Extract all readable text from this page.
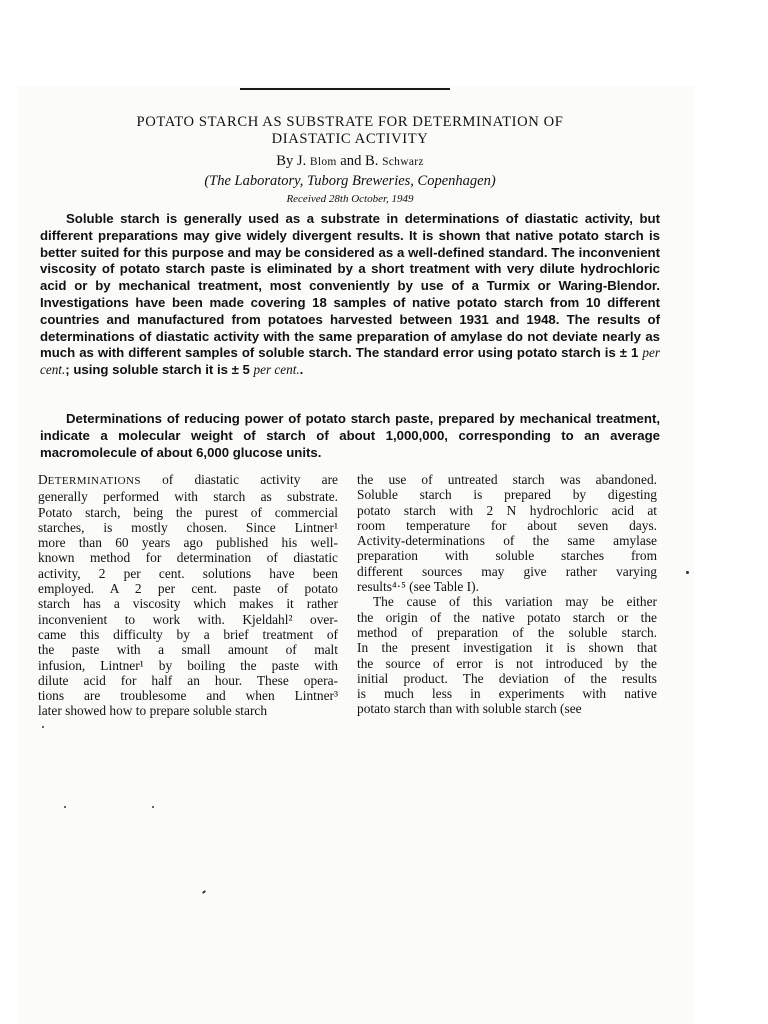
POTATO STARCH AS SUBSTRATE FOR DETERMINATION OF
DIASTATIC ACTIVITY
By J. Blom and B. Schwarz
(The Laboratory, Tuborg Breweries, Copenhagen)
Received 28th October, 1949

Soluble starch is generally used as a substrate in determinations of diastatic activity, but different preparations may give widely divergent results. It is shown that native potato starch is better suited for this purpose and may be considered as a well-defined standard. The inconvenient viscosity of potato starch paste is eliminated by a short treatment with very dilute hydrochloric acid or by mechanical treatment, most conveniently by use of a Turmix or Waring-Blendor. Investigations have been made covering 18 samples of native potato starch from 10 different countries and manufactured from potatoes harvested between 1931 and 1948. The results of determinations of diastatic activity with the same preparation of amylase do not deviate nearly as much as with different samples of soluble starch. The standard error using potato starch is ± 1 per cent.; using soluble starch it is ± 5 per cent..

Determinations of reducing power of potato starch paste, prepared by mechanical treatment, indicate a molecular weight of starch of about 1,000,000, corresponding to an average macromolecule of about 6,000 glucose units.

DETERMINATIONS of diastatic activity are
generally performed with starch as substrate.
Potato starch, being the purest of commercial
starches, is mostly chosen. Since Lintner¹
more than 60 years ago published his well-
known method for determination of diastatic
activity, 2 per cent. solutions have been
employed. A 2 per cent. paste of potato
starch has a viscosity which makes it rather
inconvenient to work with. Kjeldahl² over-
came this difficulty by a brief treatment of
the paste with a small amount of malt
infusion, Lintner¹ by boiling the paste with
dilute acid for half an hour. These opera-
tions are troublesome and when Lintner³
later showed how to prepare soluble starch
the use of untreated starch was abandoned.
Soluble starch is prepared by digesting
potato starch with 2 N hydrochloric acid at
room temperature for about seven days.
Activity-determinations of the same amylase
preparation with soluble starches from
different sources may give rather varying
results⁴·⁵ (see Table I).
The cause of this variation may be either
the origin of the native potato starch or the
method of preparation of the soluble starch.
In the present investigation it is shown that
the source of error is not introduced by the
initial product. The deviation of the results
is much less in experiments with native
potato starch than with soluble starch (see
